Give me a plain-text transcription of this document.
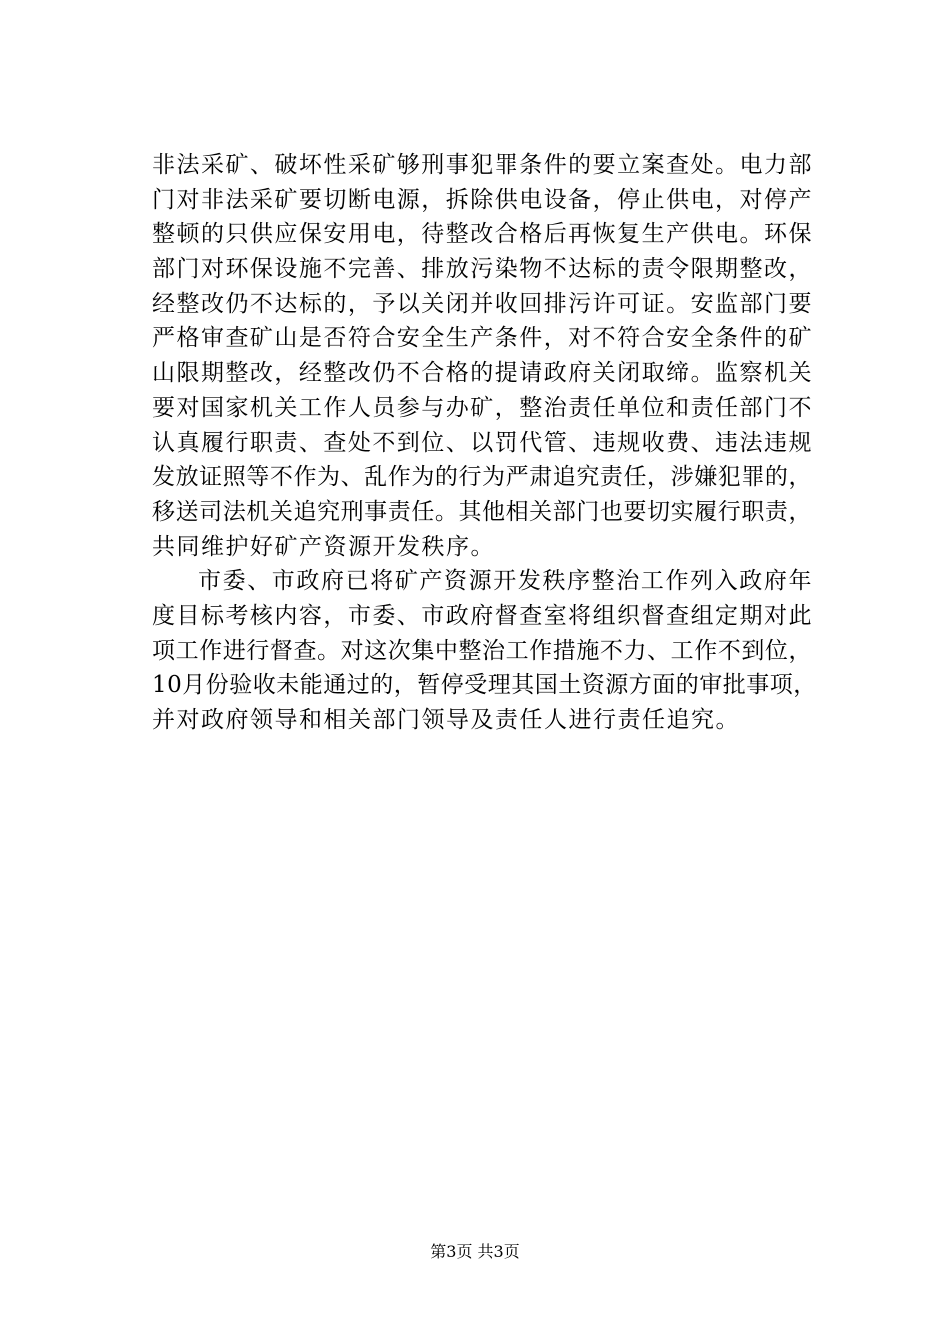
非法采矿、破坏性采矿够刑事犯罪条件的要立案查处。电力部
门对非法采矿要切断电源，拆除供电设备，停止供电，对停产
整顿的只供应保安用电，待整改合格后再恢复生产供电。环保
部门对环保设施不完善、排放污染物不达标的责令限期整改，
经整改仍不达标的，予以关闭并收回排污许可证。安监部门要
严格审查矿山是否符合安全生产条件，对不符合安全条件的矿
山限期整改，经整改仍不合格的提请政府关闭取缔。监察机关
要对国家机关工作人员参与办矿，整治责任单位和责任部门不
认真履行职责、查处不到位、以罚代管、违规收费、违法违规
发放证照等不作为、乱作为的行为严肃追究责任，涉嫌犯罪的，
移送司法机关追究刑事责任。其他相关部门也要切实履行职责，
共同维护好矿产资源开发秩序。
市委、市政府已将矿产资源开发秩序整治工作列入政府年
度目标考核内容，市委、市政府督查室将组织督查组定期对此
项工作进行督查。对这次集中整治工作措施不力、工作不到位，
10月份验收未能通过的，暂停受理其国土资源方面的审批事项，
并对政府领导和相关部门领导及责任人进行责任追究。
第3页 共3页
